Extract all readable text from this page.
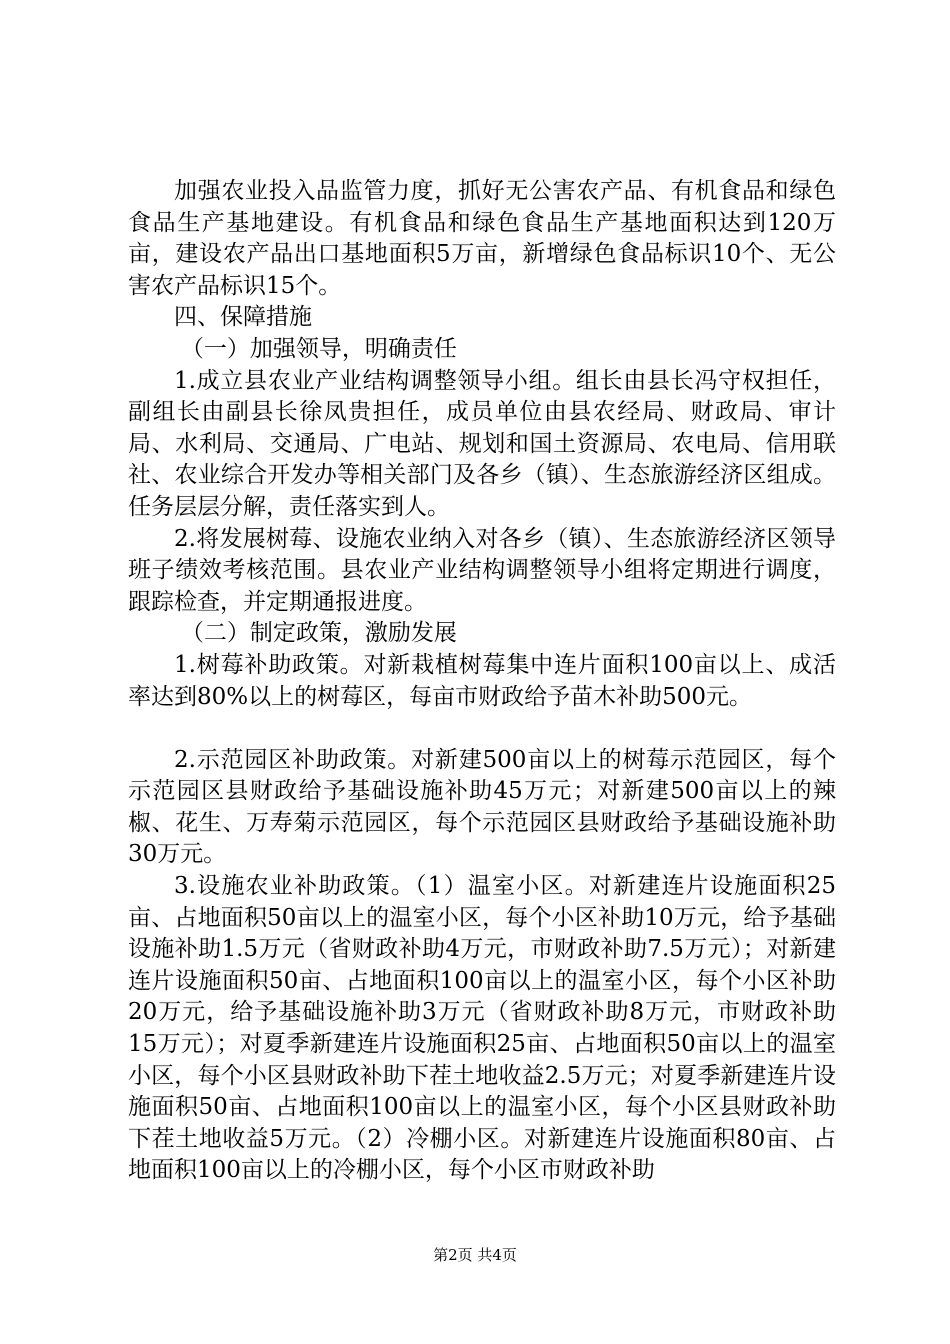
加强农业投入品监管力度，抓好无公害农产品、有机食品和绿色食品生产基地建设。有机食品和绿色食品生产基地面积达到120万亩，建设农产品出口基地面积5万亩，新增绿色食品标识10个、无公害农产品标识15个。

四、保障措施

（一）加强领导，明确责任

1.成立县农业产业结构调整领导小组。组长由县长冯守权担任，副组长由副县长徐凤贵担任，成员单位由县农经局、财政局、审计局、水利局、交通局、广电站、规划和国土资源局、农电局、信用联社、农业综合开发办等相关部门及各乡（镇）、生态旅游经济区组成。任务层层分解，责任落实到人。

2.将发展树莓、设施农业纳入对各乡（镇）、生态旅游经济区领导班子绩效考核范围。县农业产业结构调整领导小组将定期进行调度，跟踪检查，并定期通报进度。

（二）制定政策，激励发展

1.树莓补助政策。对新栽植树莓集中连片面积100亩以上、成活率达到80%以上的树莓区，每亩市财政给予苗木补助500元。

2.示范园区补助政策。对新建500亩以上的树莓示范园区，每个示范园区县财政给予基础设施补助45万元；对新建500亩以上的辣椒、花生、万寿菊示范园区，每个示范园区县财政给予基础设施补助30万元。

3.设施农业补助政策。（1）温室小区。对新建连片设施面积25亩、占地面积50亩以上的温室小区，每个小区补助10万元，给予基础设施补助1.5万元（省财政补助4万元，市财政补助7.5万元）；对新建连片设施面积50亩、占地面积100亩以上的温室小区，每个小区补助20万元，给予基础设施补助3万元（省财政补助8万元，市财政补助15万元）；对夏季新建连片设施面积25亩、占地面积50亩以上的温室小区，每个小区县财政补助下茬土地收益2.5万元；对夏季新建连片设施面积50亩、占地面积100亩以上的温室小区，每个小区县财政补助下茬土地收益5万元。（2）冷棚小区。对新建连片设施面积80亩、占地面积100亩以上的冷棚小区，每个小区市财政补助

第2页 共4页
